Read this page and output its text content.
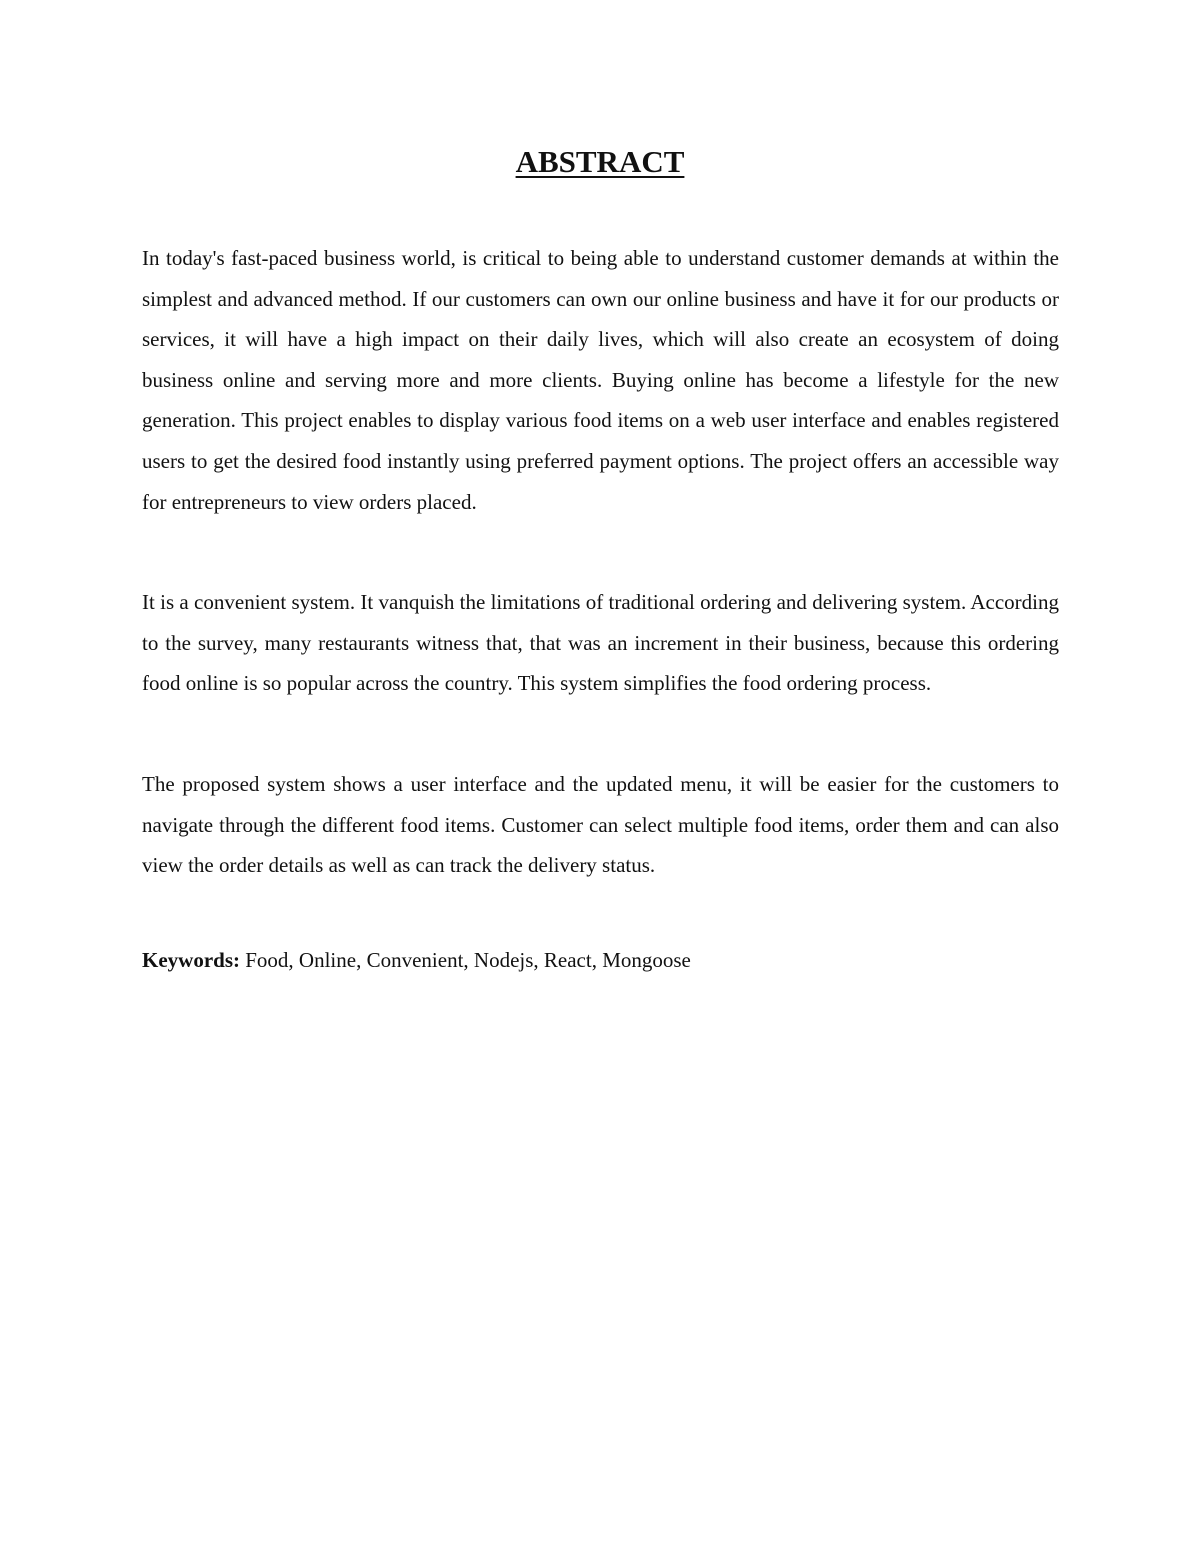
ABSTRACT

In today's fast-paced business world, is critical to being able to understand customer demands at within the simplest and advanced method. If our customers can own our online business and have it for our products or services, it will have a high impact on their daily lives, which will also create an ecosystem of doing business online and serving more and more clients. Buying online has become a lifestyle for the new generation. This project enables to display various food items on a web user interface and enables registered users to get the desired food instantly using preferred payment options. The project offers an accessible way for entrepreneurs to view orders placed.

It is a convenient system. It vanquish the limitations of traditional ordering and delivering system. According to the survey, many restaurants witness that, that was an increment in their business, because this ordering food online is so popular across the country. This system simplifies the food ordering process.

The proposed system shows a user interface and the updated menu, it will be easier for the customers to navigate through the different food items. Customer can select multiple food items, order them and can also view the order details as well as can track the delivery status.

Keywords: Food, Online, Convenient, Nodejs, React, Mongoose
